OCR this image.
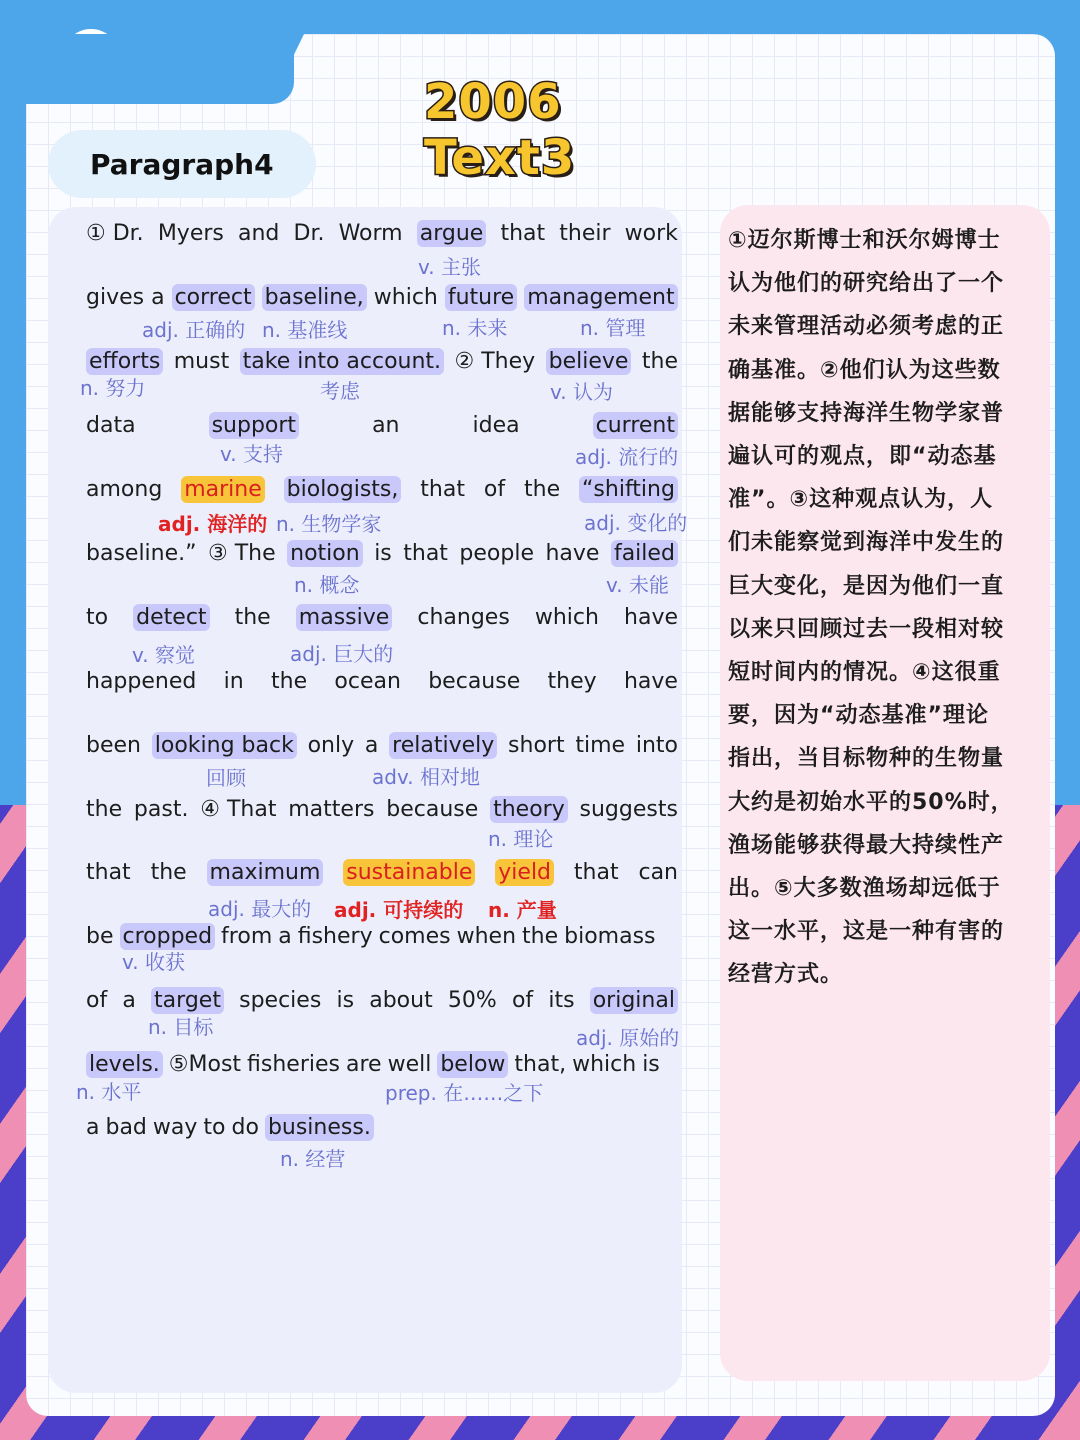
2006 Text3
Paragraph4
①迈尔斯博士和沃尔姆博士
认为他们的研究给出了一个
未来管理活动必须考虑的正
确基准。②他们认为这些数
据能够支持海洋生物学家普
遍认可的观点，即“动态基
准”。③这种观点认为，人
们未能察觉到海洋中发生的
巨大变化，是因为他们一直
以来只回顾过去一段相对较
短时间内的情况。④这很重
要，因为“动态基准”理论
指出，当目标物种的生物量
大约是初始水平的50%时，
渔场能够获得最大持续性产
出。⑤大多数渔场却远低于
这一水平，这是一种有害的
经营方式。
① Dr. Myers and Dr. Worm argue that their work
v. 主张
gives a correct baseline, which future management
adj. 正确的 n. 基准线	n. 未来	n. 管理
efforts must take into account. ② They believe the
n. 努力	考虑	v. 认为
data	support	an	idea	current
v. 支持	adj. 流行的
among marine biologists, that of the “shifting
adj. 海洋的 n. 生物学家	adj. 变化的
baseline.” ③ The notion is that people have failed
n. 概念	v. 未能
to detect the massive changes which have
v. 察觉	adj. 巨大的
happened in the ocean because they have
been looking back only a relatively short time into
回顾	adv. 相对地
the past. ④ That matters because theory suggests
n. 理论
that the maximum sustainable yield that can
adj. 最大的 adj. 可持续的 n. 产量
be cropped from a fishery comes when the biomass
v. 收获
of a target species is about 50% of its original
n. 目标	adj. 原始的
levels. ⑤Most fisheries are well below that, which is
n. 水平	prep. 在……之下
a bad way to do business.
n. 经营
